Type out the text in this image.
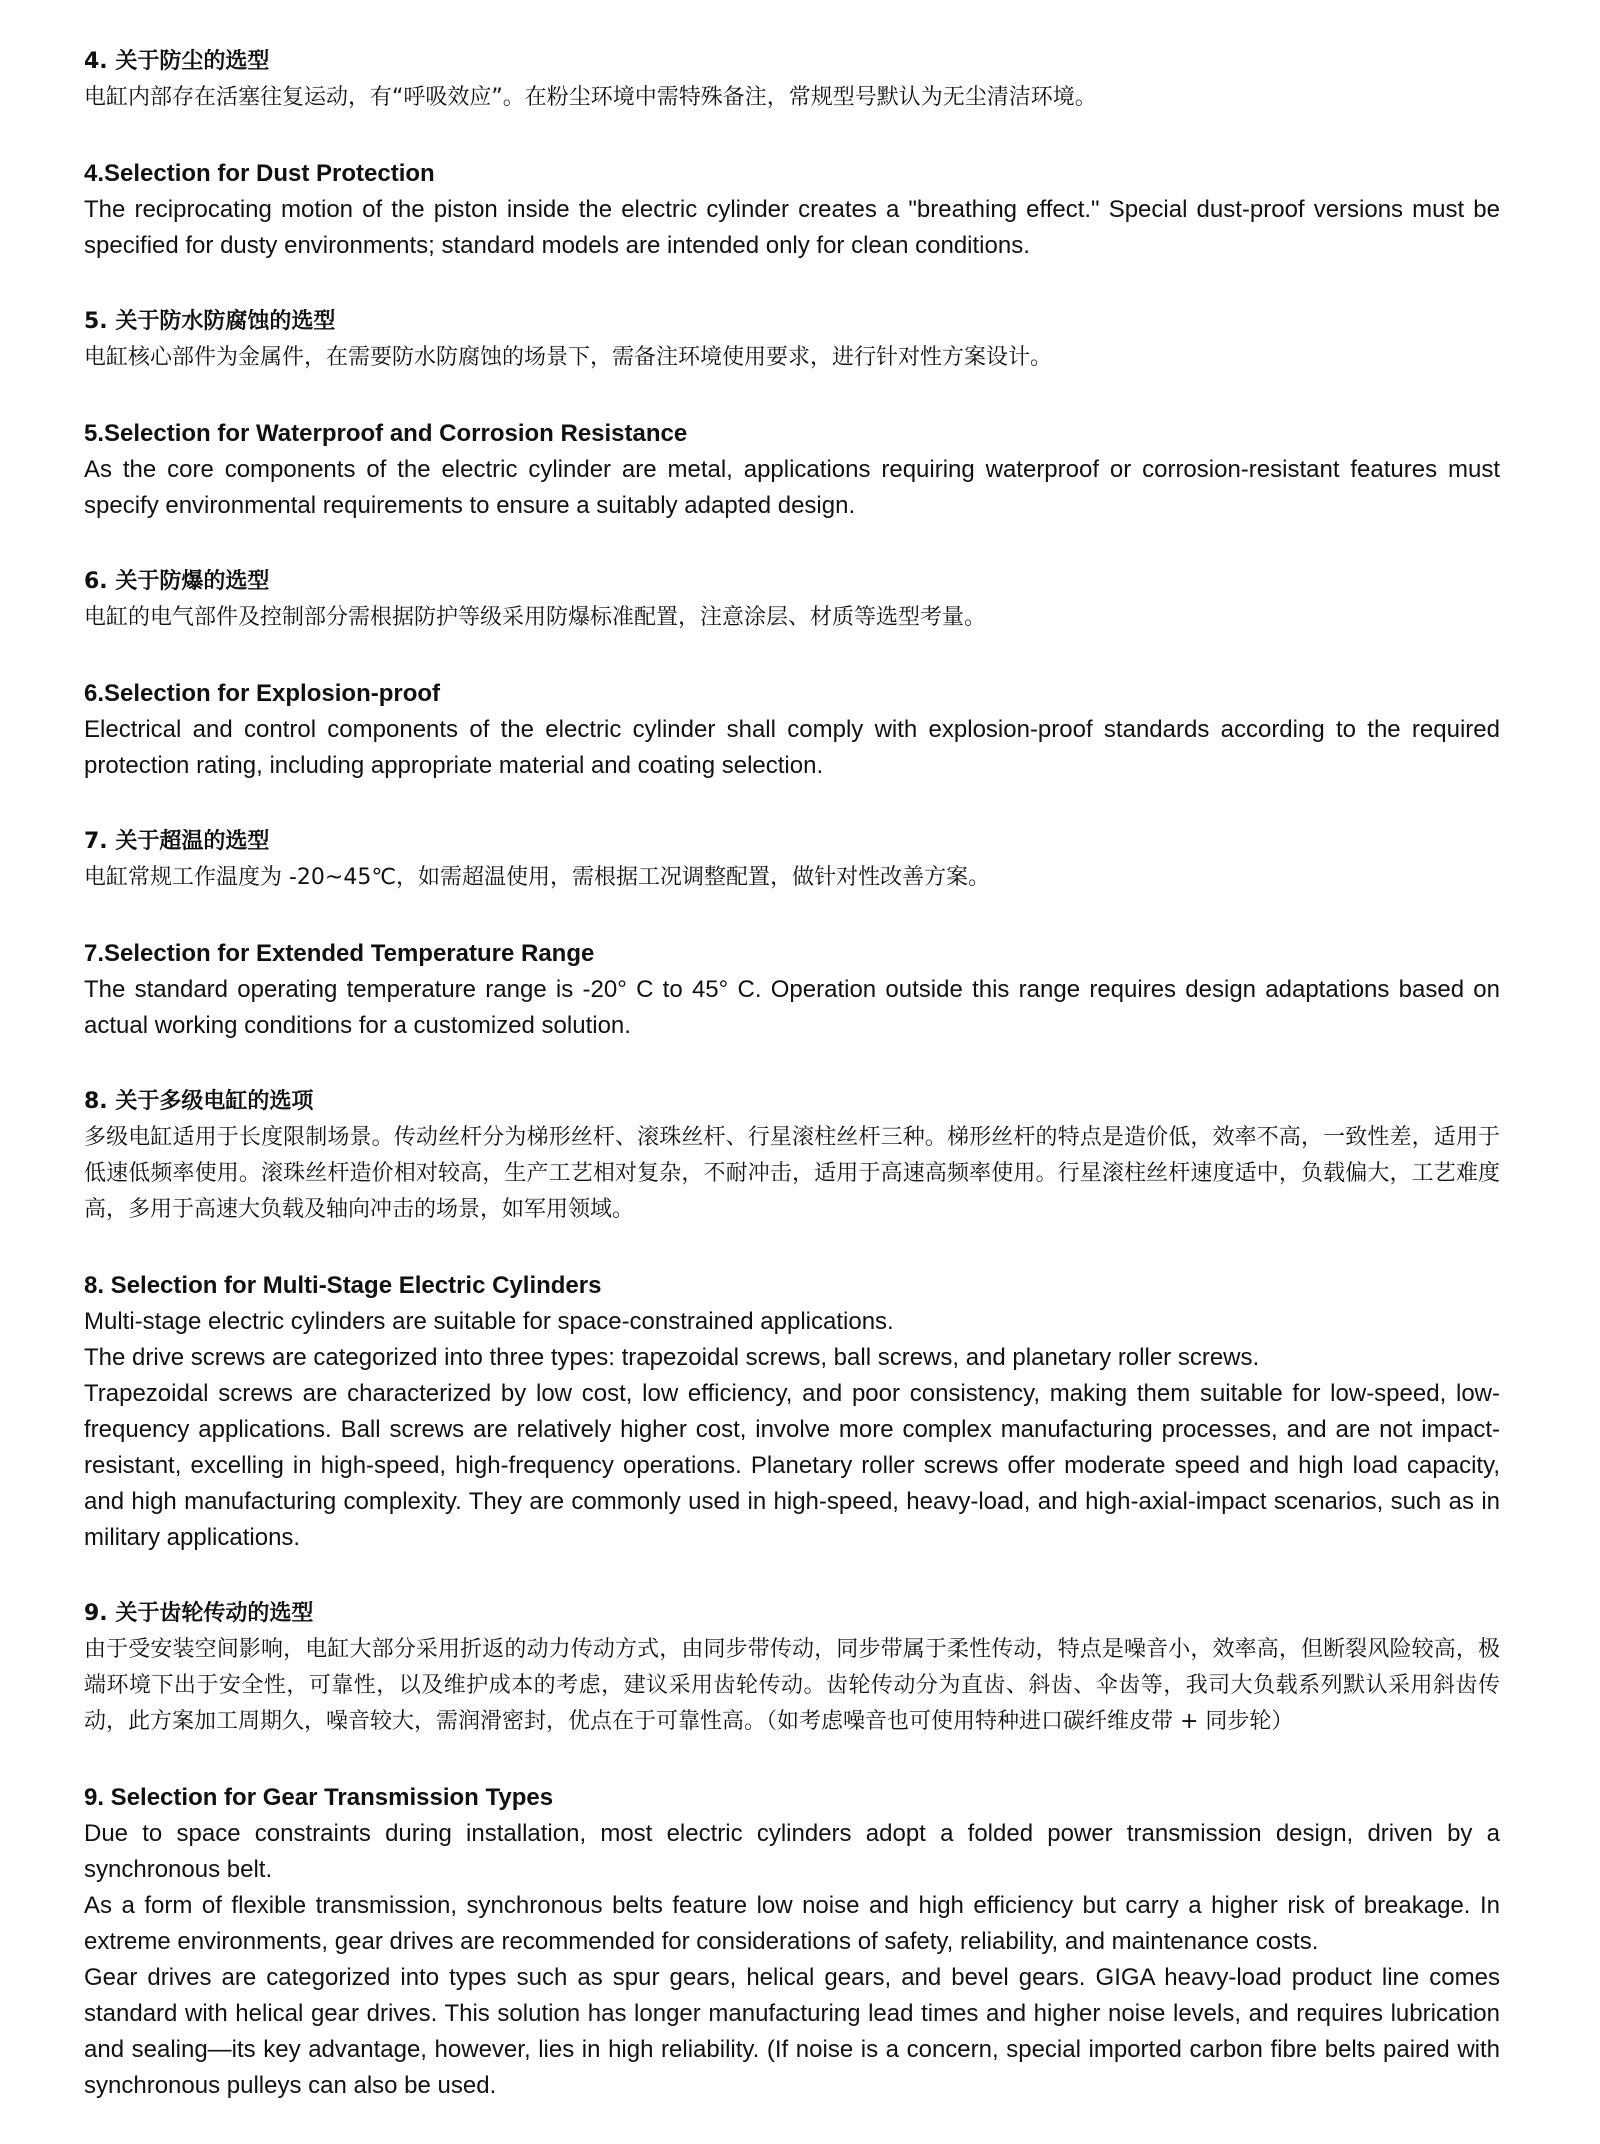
4. 关于防尘的选型

电缸内部存在活塞往复运动，有“呼吸效应”。在粉尘环境中需特殊备注，常规型号默认为无尘清洁环境。

4.Selection for Dust Protection

The reciprocating motion of the piston inside the electric cylinder creates a "breathing effect." Special dust-proof versions must be specified for dusty environments; standard models are intended only for clean conditions.

5. 关于防水防腐蚀的选型

电缸核心部件为金属件，在需要防水防腐蚀的场景下，需备注环境使用要求，进行针对性方案设计。

5.Selection for Waterproof and Corrosion Resistance

As the core components of the electric cylinder are metal, applications requiring waterproof or corrosion-resistant features must specify environmental requirements to ensure a suitably adapted design.

6. 关于防爆的选型

电缸的电气部件及控制部分需根据防护等级采用防爆标准配置，注意涂层、材质等选型考量。

6.Selection for Explosion-proof

Electrical and control components of the electric cylinder shall comply with explosion-proof standards according to the required protection rating, including appropriate material and coating selection.

7. 关于超温的选型

电缸常规工作温度为 -20~45℃，如需超温使用，需根据工况调整配置，做针对性改善方案。

7.Selection for Extended Temperature Range

The standard operating temperature range is -20° C to 45° C. Operation outside this range requires design adaptations based on actual working conditions for a customized solution.

8. 关于多级电缸的选项

多级电缸适用于长度限制场景。传动丝杆分为梯形丝杆、滚珠丝杆、行星滚柱丝杆三种。梯形丝杆的特点是造价低，效率不高，一致性差，适用于低速低频率使用。滚珠丝杆造价相对较高，生产工艺相对复杂，不耐冲击，适用于高速高频率使用。行星滚柱丝杆速度适中，负载偏大，工艺难度高，多用于高速大负载及轴向冲击的场景，如军用领域。

8. Selection for Multi-Stage Electric Cylinders

Multi-stage electric cylinders are suitable for space-constrained applications.

The drive screws are categorized into three types: trapezoidal screws, ball screws, and planetary roller screws.

Trapezoidal screws are characterized by low cost, low efficiency, and poor consistency, making them suitable for low-speed, low-frequency applications. Ball screws are relatively higher cost, involve more complex manufacturing processes, and are not impact-resistant, excelling in high-speed, high-frequency operations. Planetary roller screws offer moderate speed and high load capacity, and high manufacturing complexity. They are commonly used in high-speed, heavy-load, and high-axial-impact scenarios, such as in military applications.

9. 关于齿轮传动的选型

由于受安装空间影响，电缸大部分采用折返的动力传动方式，由同步带传动，同步带属于柔性传动，特点是噪音小，效率高，但断裂风险较高，极端环境下出于安全性，可靠性，以及维护成本的考虑，建议采用齿轮传动。齿轮传动分为直齿、斜齿、伞齿等，我司大负载系列默认采用斜齿传动，此方案加工周期久，噪音较大，需润滑密封，优点在于可靠性高。（如考虑噪音也可使用特种进口碳纤维皮带 + 同步轮）

9. Selection for Gear Transmission Types

Due to space constraints during installation, most electric cylinders adopt a folded power transmission design, driven by a synchronous belt.

As a form of flexible transmission, synchronous belts feature low noise and high efficiency but carry a higher risk of breakage. In extreme environments, gear drives are recommended for considerations of safety, reliability, and maintenance costs.

Gear drives are categorized into types such as spur gears, helical gears, and bevel gears. GIGA heavy-load product line comes standard with helical gear drives. This solution has longer manufacturing lead times and higher noise levels, and requires lubrication and sealing—its key advantage, however, lies in high reliability. (If noise is a concern, special imported carbon fibre belts paired with synchronous pulleys can also be used.
